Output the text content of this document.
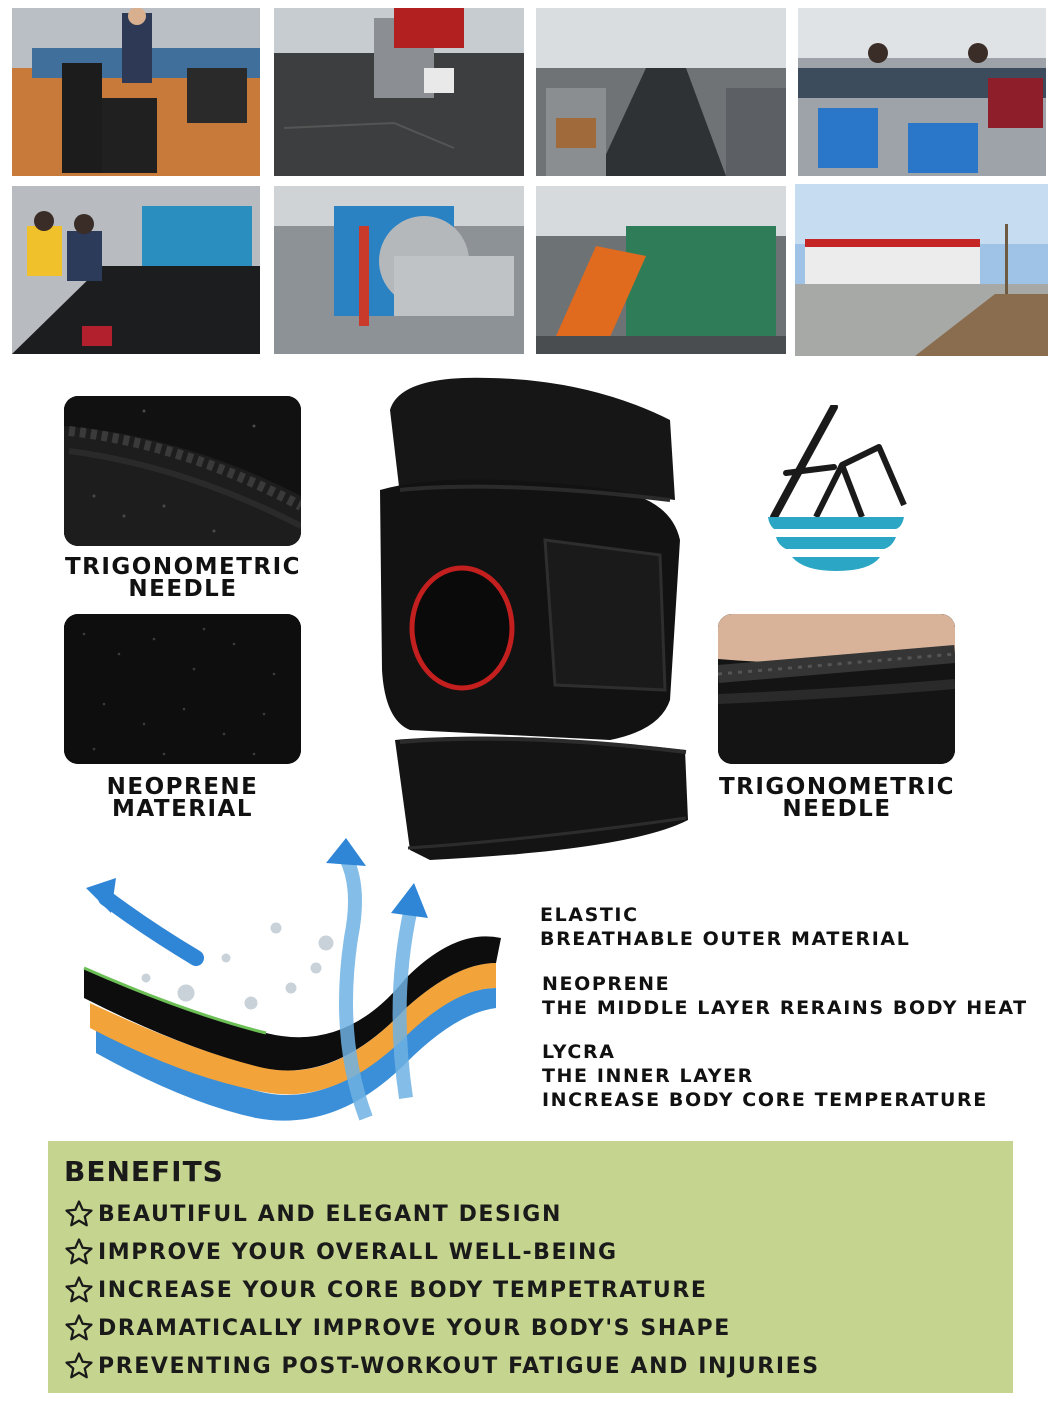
TRIGONOMETRIC
NEEDLE
NEOPRENE
MATERIAL
TRIGONOMETRIC
NEEDLE
ELASTIC
BREATHABLE OUTER MATERIAL
NEOPRENE
THE MIDDLE LAYER RERAINS BODY HEAT
LYCRA
THE INNER LAYER
INCREASE BODY CORE TEMPERATURE
BENEFITS
BEAUTIFUL AND ELEGANT DESIGN
IMPROVE YOUR OVERALL WELL-BEING
INCREASE YOUR CORE BODY TEMPETRATURE
DRAMATICALLY IMPROVE YOUR BODY'S SHAPE
PREVENTING POST-WORKOUT FATIGUE AND INJURIES
